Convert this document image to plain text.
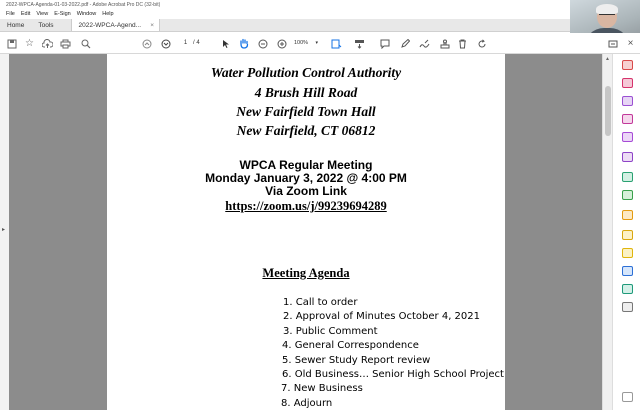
2022-WPCA-Agenda-01-03-2022.pdf - Adobe Acrobat Pro DC (32-bit)
File	Edit	View	E-Sign	Window	Help
Home	Tools	2022-WPCA-Agend... ×
☆	1 / 4	100% ▾	×
Water Pollution Control Authority
4 Brush Hill Road
New Fairfield Town Hall
New Fairfield, CT 06812
WPCA Regular Meeting
Monday January 3, 2022 @ 4:00 PM
Via Zoom Link
https://zoom.us/j/99239694289
Meeting Agenda
1. Call to order
2. Approval of Minutes October 4, 2021
3. Public Comment
4. General Correspondence
5. Sewer Study Report review
6. Old Business… Senior High School Project
7. New Business
8. Adjourn
▸
▲
